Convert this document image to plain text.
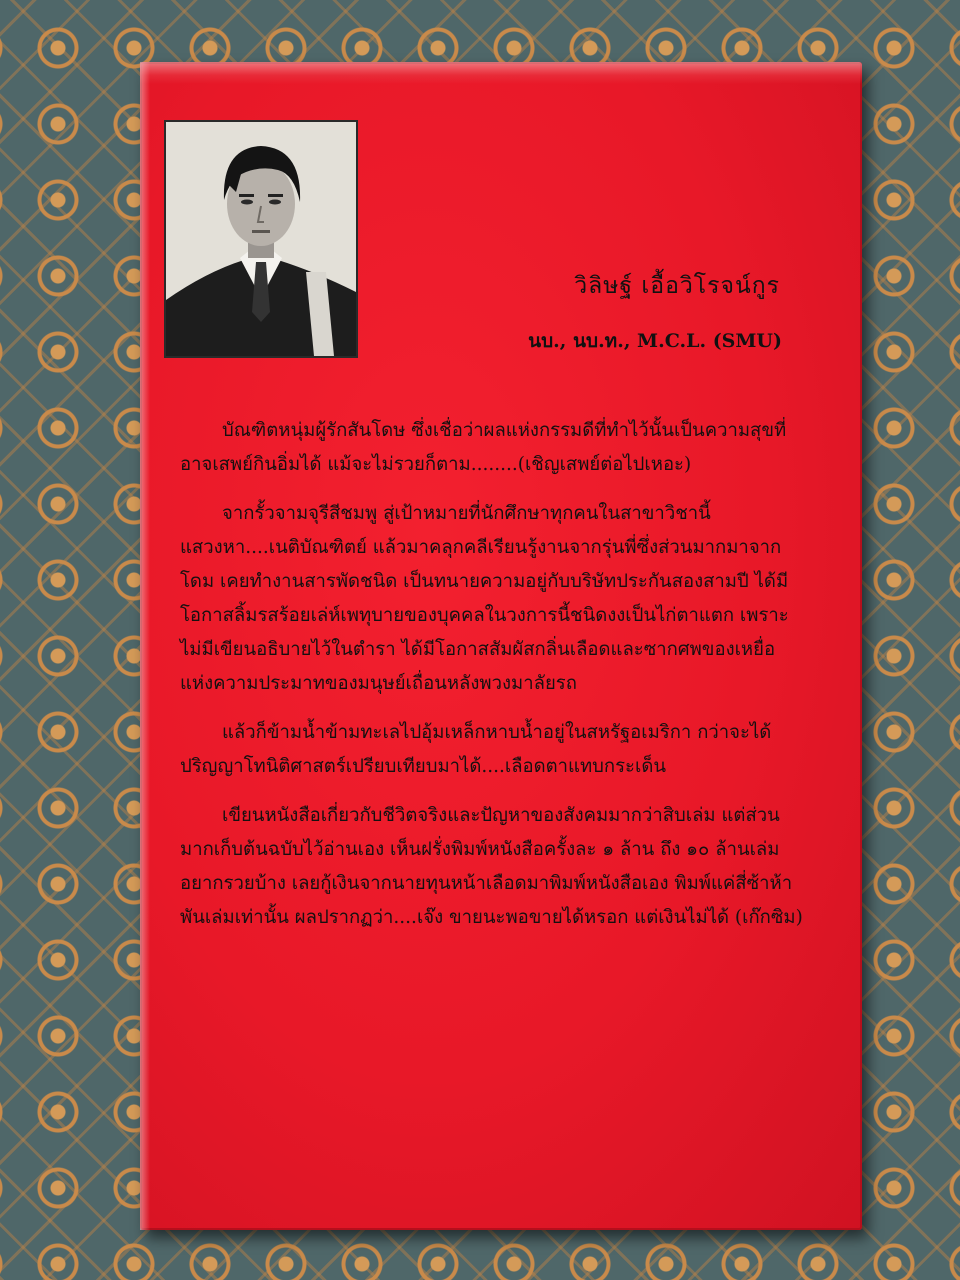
วิลิษฐ์ เอื้อวิโรจน์กูร
นบ., นบ.ท., M.C.L. (SMU)

บัณฑิตหนุ่มผู้รักสันโดษ ซึ่งเชื่อว่าผลแห่งกรรมดีที่ทำไว้นั้นเป็นความสุขที่อาจเสพย์กินอิ่มได้ แม้จะไม่รวยก็ตาม........(เชิญเสพย์ต่อไปเหอะ)

จากรั้วจามจุรีสีชมพู สู่เป้าหมายที่นักศึกษาทุกคนในสาขาวิชานี้แสวงหา....เนติบัณฑิตย์ แล้วมาคลุกคลีเรียนรู้งานจากรุ่นพี่ซึ่งส่วนมากมาจากโดม เคยทำงานสารพัดชนิด เป็นทนายความอยู่กับบริษัทประกันสองสามปี ได้มีโอกาสลิ้มรสร้อยเล่ห์เพทุบายของบุคคลในวงการนี้ชนิดงงเป็นไก่ตาแตก เพราะไม่มีเขียนอธิบายไว้ในตำรา ได้มีโอกาสสัมผัสกลิ่นเลือดและซากศพของเหยื่อแห่งความประมาทของมนุษย์เถื่อนหลังพวงมาลัยรถ

แล้วก็ข้ามน้ำข้ามทะเลไปอุ้มเหล็กหาบน้ำอยู่ในสหรัฐอเมริกา กว่าจะได้ปริญญาโทนิติศาสตร์เปรียบเทียบมาได้....เลือดตาแทบกระเด็น

เขียนหนังสือเกี่ยวกับชีวิตจริงและปัญหาของสังคมมากว่าสิบเล่ม แต่ส่วนมากเก็บต้นฉบับไว้อ่านเอง เห็นฝรั่งพิมพ์หนังสือครั้งละ ๑ ล้าน ถึง ๑๐ ล้านเล่ม อยากรวยบ้าง เลยกู้เงินจากนายทุนหน้าเลือดมาพิมพ์หนังสือเอง พิมพ์แค่สี่ซ้าห้าพันเล่มเท่านั้น ผลปรากฏว่า....เจ๊ง ขายนะพอขายได้หรอก แต่เงินไม่ได้ (เก๊กซิม)
